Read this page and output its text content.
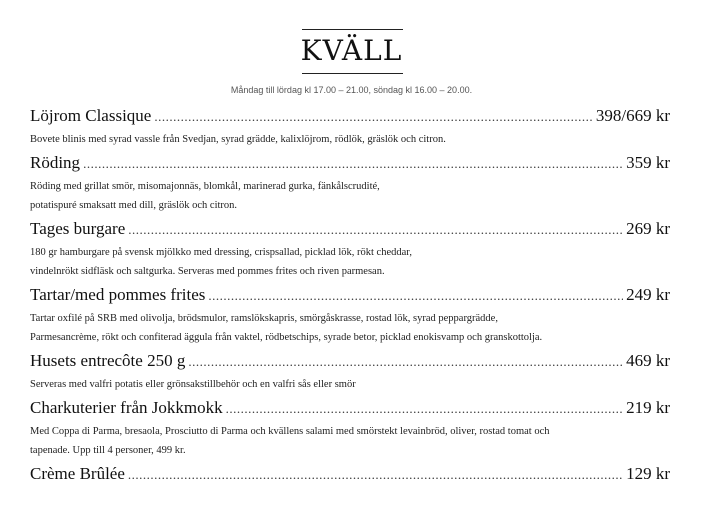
KVÄLL
Måndag till lördag kl 17.00 – 21.00, söndag kl 16.00 – 20.00.
Löjrom Classique .....	398/669 kr
Bovete blinis med syrad vassle från Svedjan, syrad grädde, kalixlöjrom, rödlök, gräslök och citron.
Röding .....	359 kr
Röding med grillat smör, misomajonnäs, blomkål, marinerad gurka, fänkålscrudité,
potatispuré smaksatt med dill, gräslök och citron.
Tages burgare .....	269 kr
180 gr hamburgare på svensk mjölkko med dressing, crispsallad, picklad lök, rökt cheddar,
vindelnrökt sidfläsk och saltgurka. Serveras med pommes frites och riven parmesan.
Tartar/med pommes frites .....	249 kr
Tartar oxfilé på SRB med olivolja, brödsmulor, ramslökskapris, smörgåskrasse, rostad lök, syrad peppargrädde,
Parmesancrème, rökt och confiterad äggula från vaktel, rödbetschips, syrade betor, picklad enokisvamp och granskottolja.
Husets entrecôte 250 g .....	469 kr
Serveras med valfri potatis eller grönsakstillbehör och en valfri sås eller smör
Charkuterier från Jokkmokk .....	219 kr
Med Coppa di Parma, bresaola, Prosciutto di Parma och kvällens salami med smörstekt levainbröd, oliver, rostad tomat och
tapenade. Upp till 4 personer, 499 kr.
Crème Brûlée .....	129 kr
